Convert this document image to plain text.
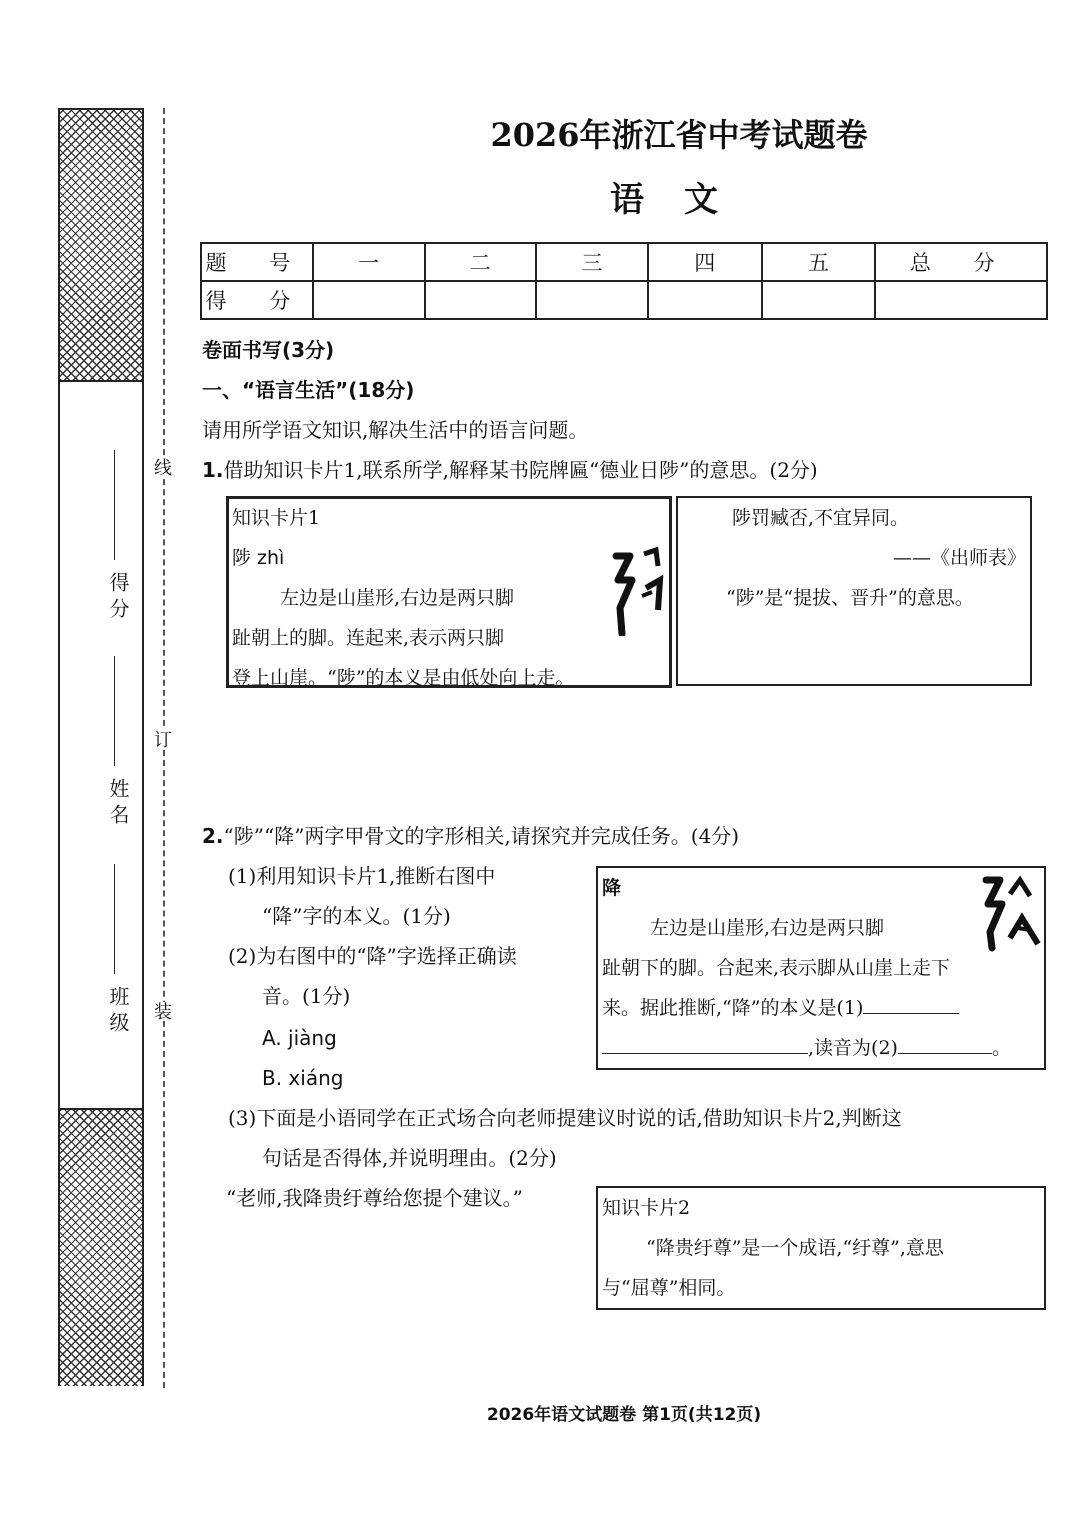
得分
姓名
班级
线
订
装
2026年浙江省中考试题卷
语文
题 号	一	二	三	四	五	总 分
得 分						
卷面书写(3分)
一、“语言生活”(18分)
请用所学语文知识,解决生活中的语言问题。
1.借助知识卡片1,联系所学,解释某书院牌匾“德业日陟”的意思。(2分)
知识卡片1
陟 zhì
左边是山崖形,右边是两只脚
趾朝上的脚。连起来,表示两只脚
登上山崖。“陟”的本义是由低处向上走。
陟罚臧否,不宜异同。
——《出师表》
“陟”是“提拔、晋升”的意思。
2.“陟”“降”两字甲骨文的字形相关,请探究并完成任务。(4分)
(1)利用知识卡片1,推断右图中
“降”字的本义。(1分)
(2)为右图中的“降”字选择正确读
音。(1分)
A. jiàng
B. xiáng
降
左边是山崖形,右边是两只脚
趾朝下的脚。合起来,表示脚从山崖上走下
来。据此推断,“降”的本义是(1)
,读音为(2)	。
(3)下面是小语同学在正式场合向老师提建议时说的话,借助知识卡片2,判断这
句话是否得体,并说明理由。(2分)
“老师,我降贵纡尊给您提个建议。”	知识卡片2
“降贵纡尊”是一个成语,“纡尊”,意思
与“屈尊”相同。
2026年语文试题卷 第1页(共12页)
